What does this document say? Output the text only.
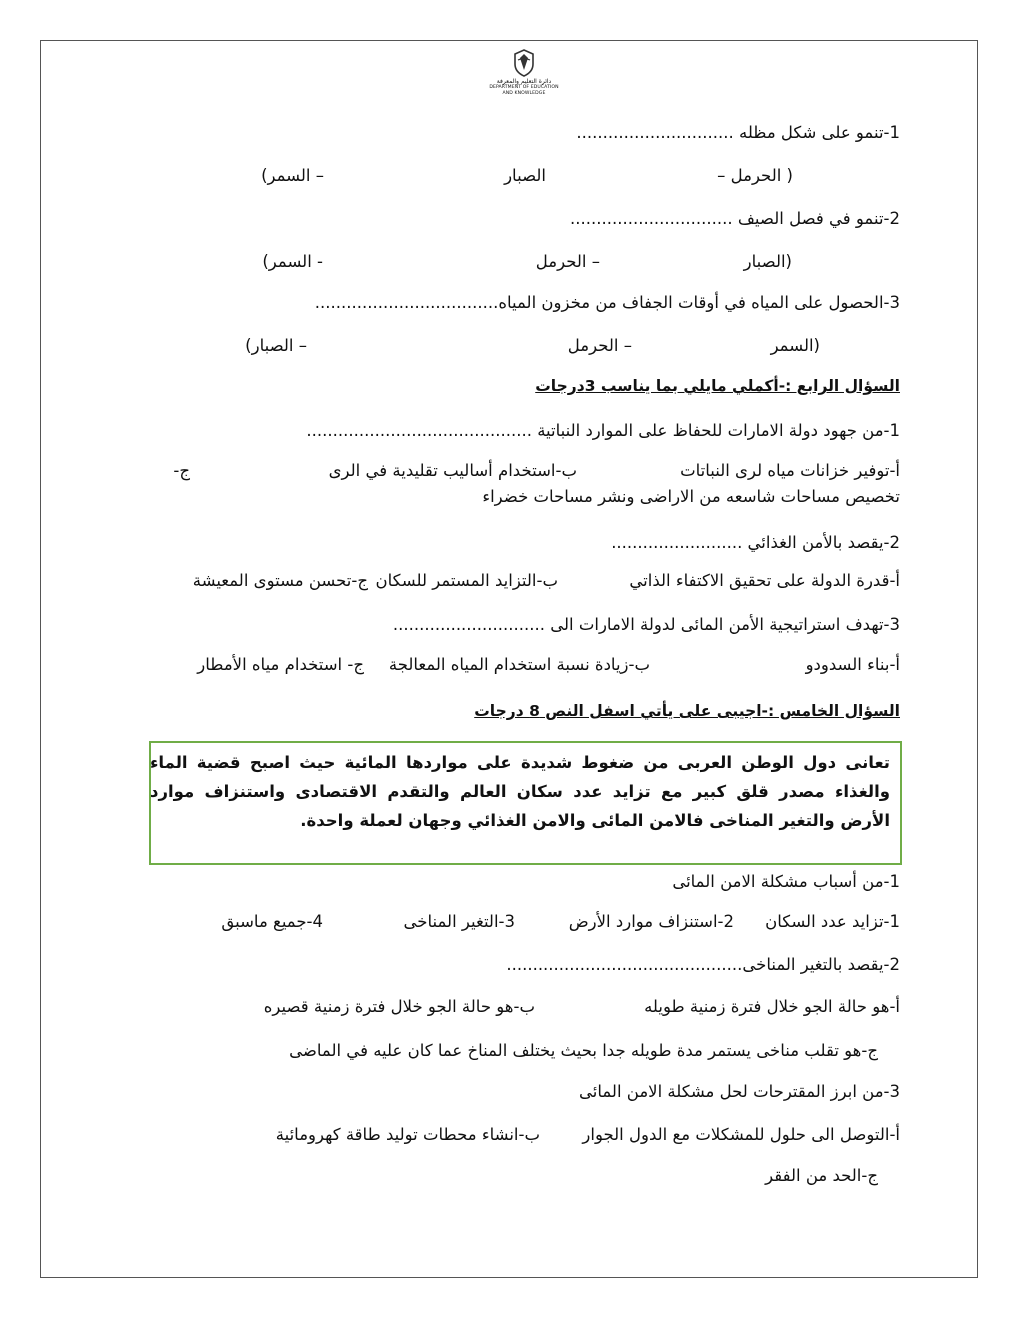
دائرة التعليم والمعرفة
DEPARTMENT OF EDUCATION
AND KNOWLEDGE
1-تنمو على شكل مظله ..............................
( الحرمل –
الصبار
– السمر)
2-تنمو في فصل الصيف ...............................
(الصبار
– الحرمل
- السمر)
3-الحصول على المياه في أوقات الجفاف من مخزون المياه...................................
(السمر
– الحرمل
– الصبار)
السؤال الرابع :-أكملي مايلي بما يناسب 3درجات
1-من جهود دولة الامارات للحفاظ على الموارد النباتية ...........................................
أ-توفير خزانات مياه لرى النباتات
ب-استخدام أساليب تقليدية في الرى
ج-
تخصيص مساحات شاسعه من الاراضى ونشر مساحات خضراء
2-يقصد بالأمن الغذائي .........................
أ-قدرة الدولة على تحقيق الاكتفاء الذاتي
ب-التزايد المستمر للسكان
ج-تحسن مستوى المعيشة
3-تهدف استراتيجية الأمن المائى لدولة الامارات الى .............................
أ-بناء السدودو
ب-زيادة نسبة استخدام المياه المعالجة
ج- استخدام مياه الأمطار
السؤال الخامس :-اجيبى على يأتي اسفل النص 8 درجات
تعانى دول الوطن العربى من ضغوط شديدة على مواردها المائية حيث اصبح قضية الماء والغذاء مصدر قلق كبير مع تزايد عدد سكان العالم والتقدم الاقتصادى واستنزاف موارد الأرض والتغير المناخى فالامن المائى والامن الغذائي وجهان لعملة واحدة.
1-من أسباب مشكلة الامن المائى
1-تزايد عدد السكان
2-استنزاف موارد الأرض
3-التغير المناخى
4-جميع ماسبق
2-يقصد بالتغير المناخى.............................................
أ-هو حالة الجو خلال فترة زمنية طويله
ب-هو حالة الجو خلال فترة زمنية قصيره
ج-هو تقلب مناخى يستمر مدة طويله جدا بحيث يختلف المناخ عما كان عليه في الماضى
3-من ابرز المقترحات لحل مشكلة الامن المائى
أ-التوصل الى حلول للمشكلات مع الدول الجوار
ب-انشاء محطات توليد طاقة كهرومائية
ج-الحد من الفقر
